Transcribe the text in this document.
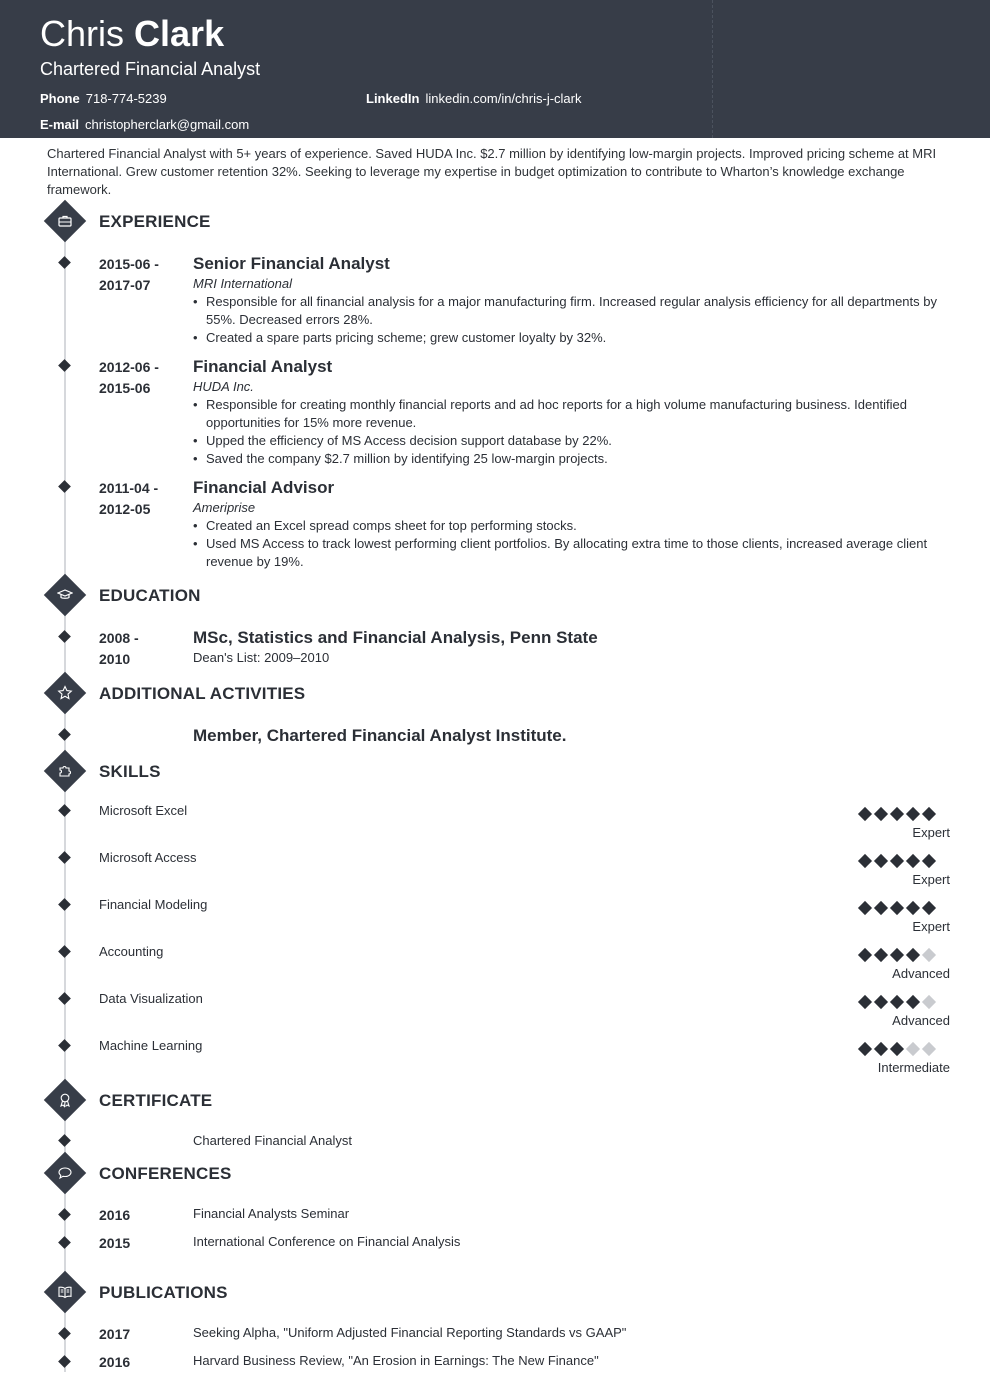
Chris Clark
Chartered Financial Analyst
Phone 718-774-5239	LinkedIn linkedin.com/in/chris-j-clark
E-mail christopherclark@gmail.com
Chartered Financial Analyst with 5+ years of experience. Saved HUDA Inc. $2.7 million by identifying low-margin projects. Improved pricing scheme at MRI International. Grew customer retention 32%. Seeking to leverage my expertise in budget optimization to contribute to Wharton’s knowledge exchange framework.
EXPERIENCE
2015-06 -
2017-07
Senior Financial Analyst
MRI International
• Responsible for all financial analysis for a major manufacturing firm. Increased regular analysis efficiency for all departments by 55%. Decreased errors 28%.
• Created a spare parts pricing scheme; grew customer loyalty by 32%.
2012-06 -
2015-06
Financial Analyst
HUDA Inc.
• Responsible for creating monthly financial reports and ad hoc reports for a high volume manufacturing business. Identified opportunities for 15% more revenue.
• Upped the efficiency of MS Access decision support database by 22%.
• Saved the company $2.7 million by identifying 25 low-margin projects.
2011-04 -
2012-05
Financial Advisor
Ameriprise
• Created an Excel spread comps sheet for top performing stocks.
• Used MS Access to track lowest performing client portfolios. By allocating extra time to those clients, increased average client revenue by 19%.
EDUCATION
2008 -
2010
MSc, Statistics and Financial Analysis, Penn State
Dean's List: 2009–2010
ADDITIONAL ACTIVITIES
Member, Chartered Financial Analyst Institute.
SKILLS
Microsoft Excel
Expert
Microsoft Access
Expert
Financial Modeling
Expert
Accounting
Advanced
Data Visualization
Advanced
Machine Learning
Intermediate
CERTIFICATE
Chartered Financial Analyst
CONFERENCES
2016	Financial Analysts Seminar
2015	International Conference on Financial Analysis
PUBLICATIONS
2017	Seeking Alpha, "Uniform Adjusted Financial Reporting Standards vs GAAP"
2016	Harvard Business Review, "An Erosion in Earnings: The New Finance"
